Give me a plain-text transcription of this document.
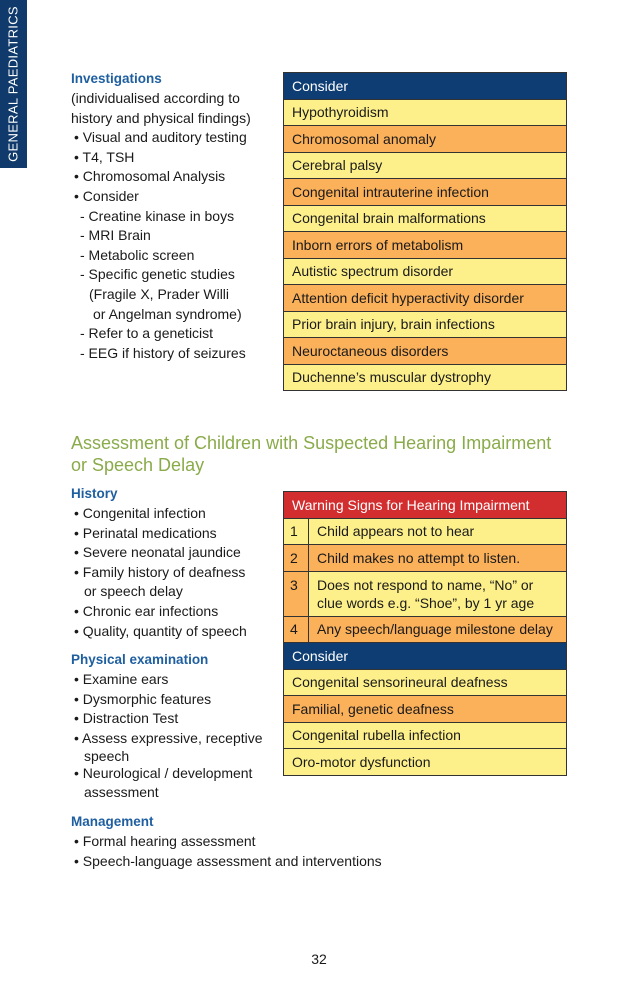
GENERAL PAEDIATRICS	Investigations
(individualised according to
history and physical findings)
• Visual and auditory testing
• T4, TSH
• Chromosomal Analysis
• Consider
- Creatine kinase in boys
- MRI Brain
- Metabolic screen
- Specific genetic studies
(Fragile X, Prader Willi
or Angelman syndrome)
- Refer to a geneticist
- EEG if history of seizures
Consider
Hypothyroidism
Chromosomal anomaly
Cerebral palsy
Congenital intrauterine infection
Congenital brain malformations
Inborn errors of metabolism
Autistic spectrum disorder
Attention deficit hyperactivity disorder
Prior brain injury, brain infections
Neuroctaneous disorders
Duchenne’s muscular dystrophy
Assessment of Children with Suspected Hearing Impairment
or Speech Delay
History
• Congenital infection
• Perinatal medications
• Severe neonatal jaundice
• Family history of deafness
or speech delay
• Chronic ear infections
• Quality, quantity of speech
Physical examination
• Examine ears
• Dysmorphic features
• Distraction Test
• Assess expressive, receptive
speech
• Neurological / development
assessment
Management
• Formal hearing assessment
• Speech-language assessment and interventions
Warning Signs for Hearing Impairment	
1	Child appears not to hear
2	Child makes no attempt to listen.
3	Does not respond to name, “No” or
clue words e.g. “Shoe”, by 1 yr age

4	Any speech/language milestone delay
Consider	
Congenital sensorineural deafness	
Familial, genetic deafness	
Congenital rubella infection	
Oro-motor dysfunction	
32
